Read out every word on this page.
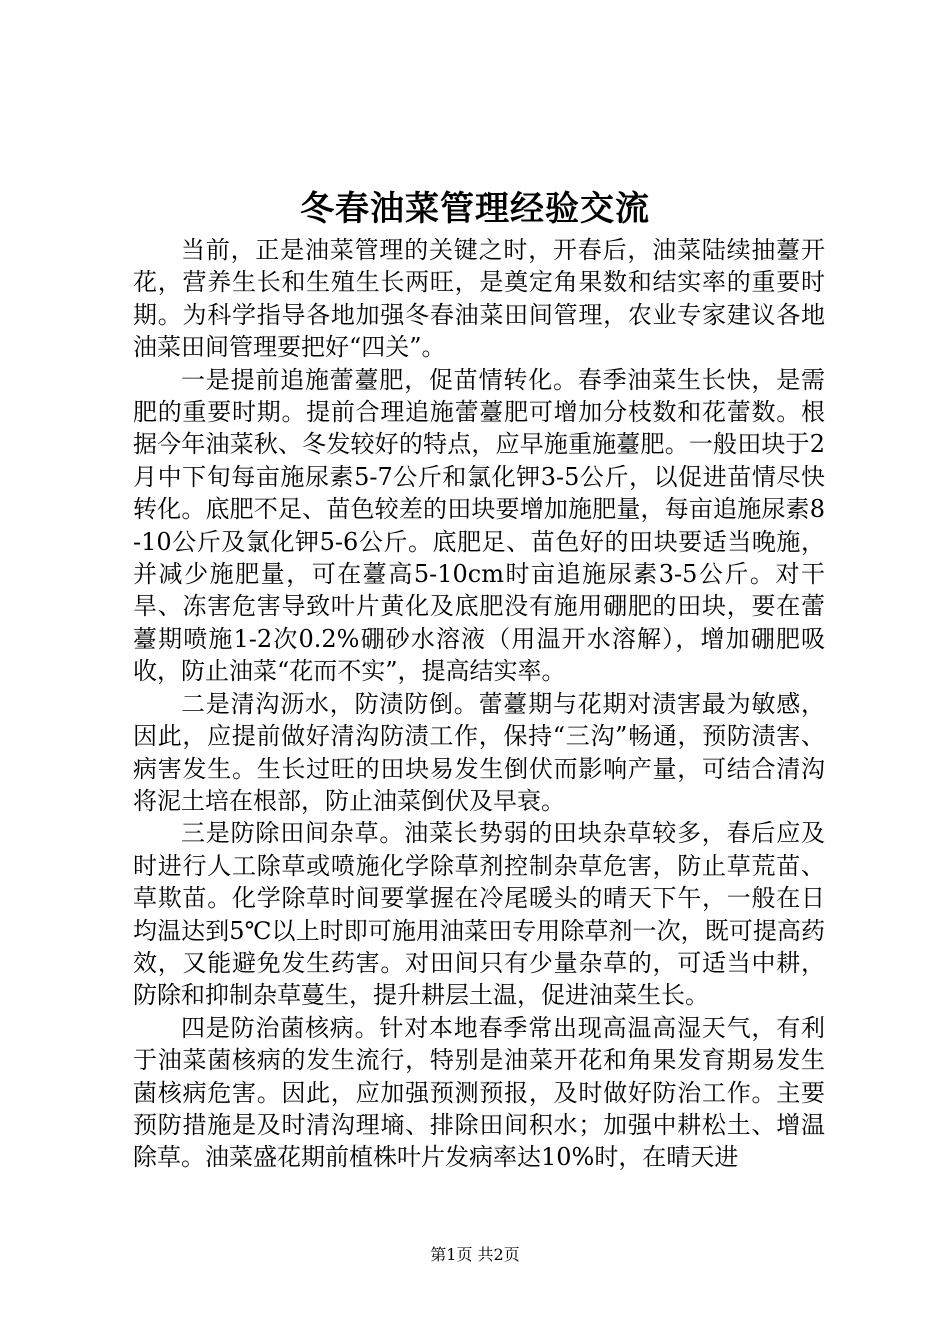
冬春油菜管理经验交流

当前，正是油菜管理的关键之时，开春后，油菜陆续抽薹开花，营养生长和生殖生长两旺，是奠定角果数和结实率的重要时期。为科学指导各地加强冬春油菜田间管理，农业专家建议各地油菜田间管理要把好“四关”。

一是提前追施蕾薹肥，促苗情转化。春季油菜生长快，是需肥的重要时期。提前合理追施蕾薹肥可增加分枝数和花蕾数。根据今年油菜秋、冬发较好的特点，应早施重施薹肥。一般田块于2月中下旬每亩施尿素5-7公斤和氯化钾3-5公斤，以促进苗情尽快转化。底肥不足、苗色较差的田块要增加施肥量，每亩追施尿素8-10公斤及氯化钾5-6公斤。底肥足、苗色好的田块要适当晚施，并减少施肥量，可在薹高5-10cm时亩追施尿素3-5公斤。对干旱、冻害危害导致叶片黄化及底肥没有施用硼肥的田块，要在蕾薹期喷施1-2次0.2%硼砂水溶液（用温开水溶解），增加硼肥吸收，防止油菜“花而不实”，提高结实率。

二是清沟沥水，防渍防倒。蕾薹期与花期对渍害最为敏感，因此，应提前做好清沟防渍工作，保持“三沟”畅通，预防渍害、病害发生。生长过旺的田块易发生倒伏而影响产量，可结合清沟将泥土培在根部，防止油菜倒伏及早衰。

三是防除田间杂草。油菜长势弱的田块杂草较多，春后应及时进行人工除草或喷施化学除草剂控制杂草危害，防止草荒苗、草欺苗。化学除草时间要掌握在冷尾暖头的晴天下午，一般在日均温达到5℃以上时即可施用油菜田专用除草剂一次，既可提高药效，又能避免发生药害。对田间只有少量杂草的，可适当中耕，防除和抑制杂草蔓生，提升耕层土温，促进油菜生长。

四是防治菌核病。针对本地春季常出现高温高湿天气，有利于油菜菌核病的发生流行，特别是油菜开花和角果发育期易发生菌核病危害。因此，应加强预测预报，及时做好防治工作。主要预防措施是及时清沟理墒、排除田间积水；加强中耕松土、增温除草。油菜盛花期前植株叶片发病率达10%时，在晴天进

第1页 共2页
